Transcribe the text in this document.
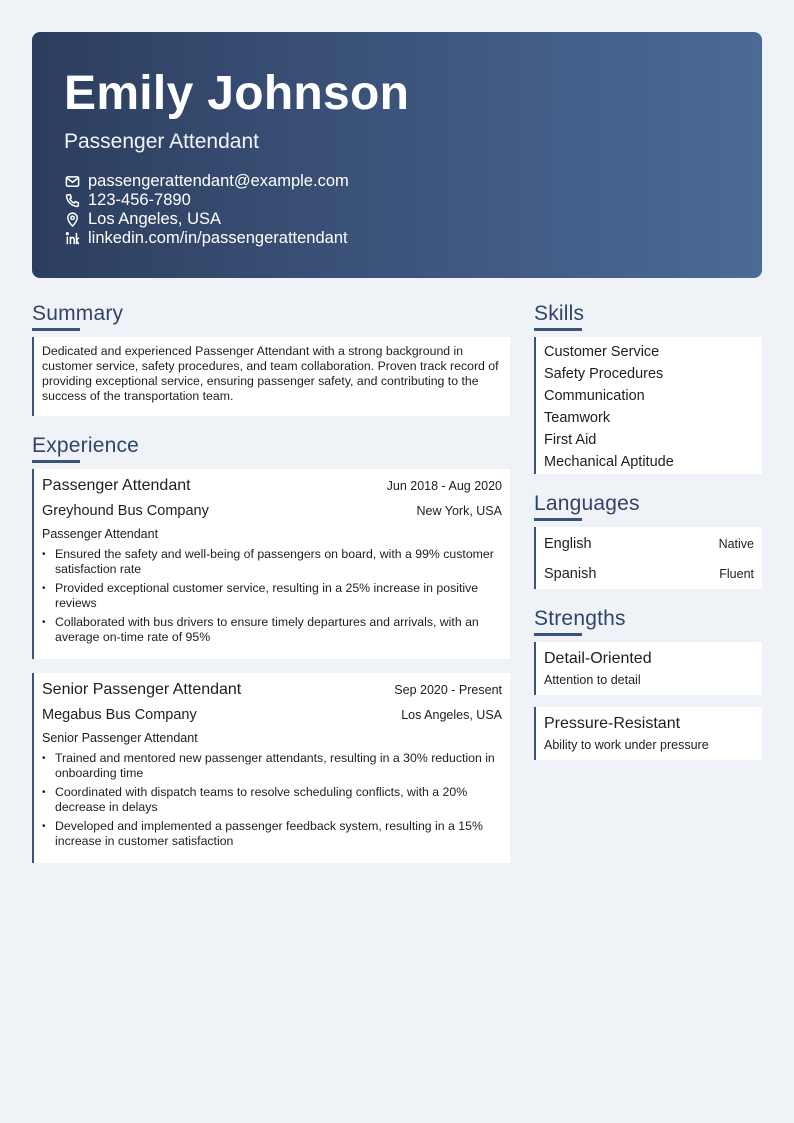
Emily Johnson
Passenger Attendant
passengerattendant@example.com
123-456-7890
Los Angeles, USA
linkedin.com/in/passengerattendant
Summary
Dedicated and experienced Passenger Attendant with a strong background in customer service, safety procedures, and team collaboration. Proven track record of providing exceptional service, ensuring passenger safety, and contributing to the success of the transportation team.
Experience
Passenger Attendant	Jun 2018 - Aug 2020
Greyhound Bus Company	New York, USA
Passenger Attendant
• Ensured the safety and well-being of passengers on board, with a 99% customer satisfaction rate
• Provided exceptional customer service, resulting in a 25% increase in positive reviews
• Collaborated with bus drivers to ensure timely departures and arrivals, with an average on-time rate of 95%
Senior Passenger Attendant	Sep 2020 - Present
Megabus Bus Company	Los Angeles, USA
Senior Passenger Attendant
• Trained and mentored new passenger attendants, resulting in a 30% reduction in onboarding time
• Coordinated with dispatch teams to resolve scheduling conflicts, with a 20% decrease in delays
• Developed and implemented a passenger feedback system, resulting in a 15% increase in customer satisfaction
Skills
Customer Service
Safety Procedures
Communication
Teamwork
First Aid
Mechanical Aptitude
Languages
English	Native
Spanish	Fluent
Strengths
Detail-Oriented
Attention to detail
Pressure-Resistant
Ability to work under pressure
